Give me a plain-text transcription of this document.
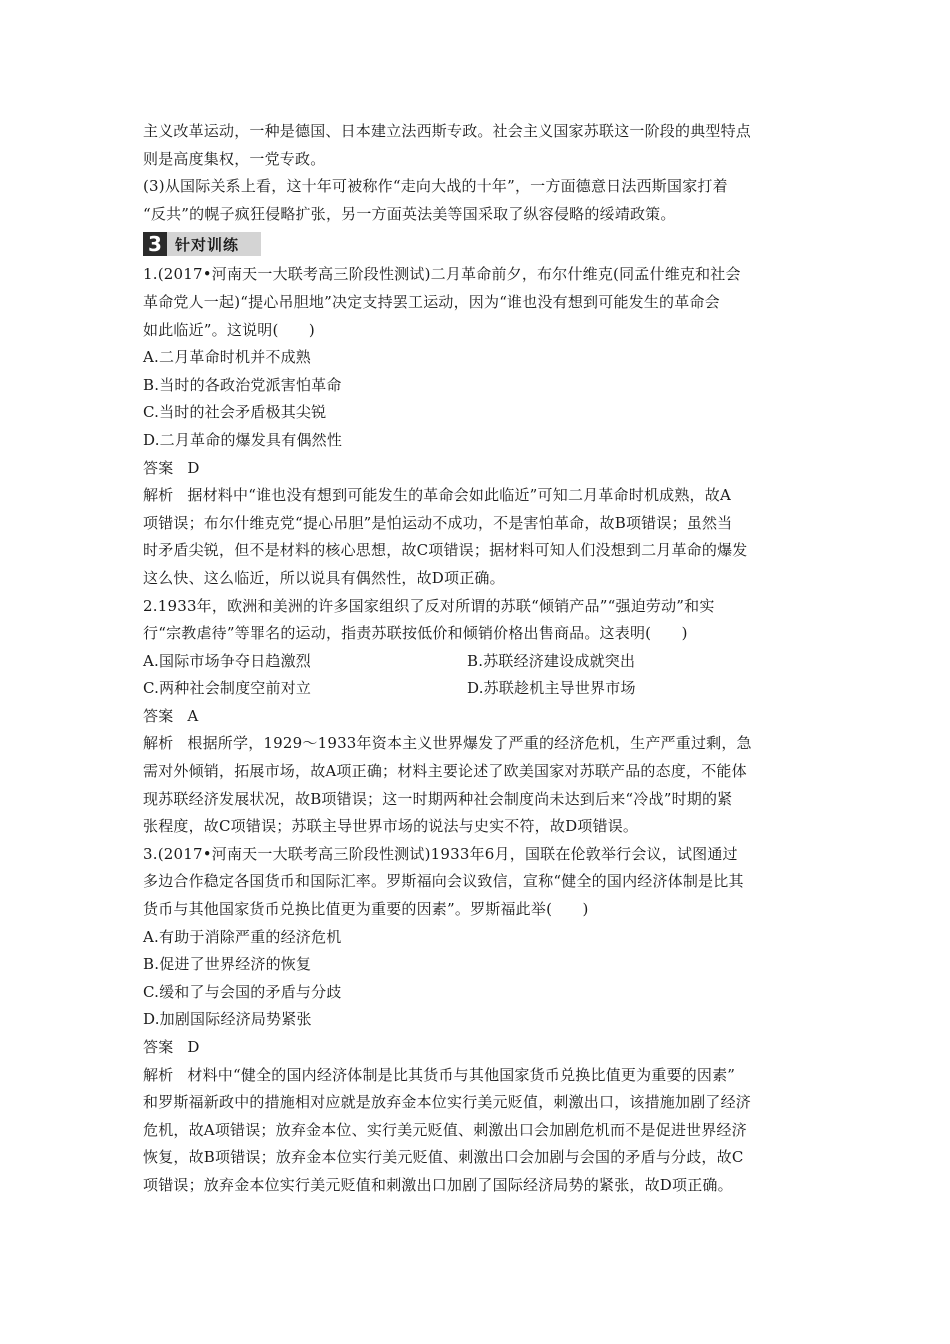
主义改革运动，一种是德国、日本建立法西斯专政。社会主义国家苏联这一阶段的典型特点
则是高度集权，一党专政。
(3)从国际关系上看，这十年可被称作“走向大战的十年”，一方面德意日法西斯国家打着
“反共”的幌子疯狂侵略扩张，另一方面英法美等国采取了纵容侵略的绥靖政策。
3 针对训练
1.(2017•河南天一大联考高三阶段性测试)二月革命前夕，布尔什维克(同孟什维克和社会
革命党人一起)“提心吊胆地”决定支持罢工运动，因为“谁也没有想到可能发生的革命会
如此临近”。这说明(　　)
A.二月革命时机并不成熟
B.当时的各政治党派害怕革命
C.当时的社会矛盾极其尖锐
D.二月革命的爆发具有偶然性
答案 D
解析 据材料中“谁也没有想到可能发生的革命会如此临近”可知二月革命时机成熟，故A
项错误；布尔什维克党“提心吊胆”是怕运动不成功，不是害怕革命，故B项错误；虽然当
时矛盾尖锐，但不是材料的核心思想，故C项错误；据材料可知人们没想到二月革命的爆发
这么快、这么临近，所以说具有偶然性，故D项正确。
2.1933年，欧洲和美洲的许多国家组织了反对所谓的苏联“倾销产品”“强迫劳动”和实
行“宗教虐待”等罪名的运动，指责苏联按低价和倾销价格出售商品。这表明(　　)
A.国际市场争夺日趋激烈	B.苏联经济建设成就突出
C.两种社会制度空前对立	D.苏联趁机主导世界市场
答案 A
解析 根据所学，1929～1933年资本主义世界爆发了严重的经济危机，生产严重过剩，急
需对外倾销，拓展市场，故A项正确；材料主要论述了欧美国家对苏联产品的态度，不能体
现苏联经济发展状况，故B项错误；这一时期两种社会制度尚未达到后来“冷战”时期的紧
张程度，故C项错误；苏联主导世界市场的说法与史实不符，故D项错误。
3.(2017•河南天一大联考高三阶段性测试)1933年6月，国联在伦敦举行会议，试图通过
多边合作稳定各国货币和国际汇率。罗斯福向会议致信，宣称“健全的国内经济体制是比其
货币与其他国家货币兑换比值更为重要的因素”。罗斯福此举(　　)
A.有助于消除严重的经济危机
B.促进了世界经济的恢复
C.缓和了与会国的矛盾与分歧
D.加剧国际经济局势紧张
答案 D
解析 材料中“健全的国内经济体制是比其货币与其他国家货币兑换比值更为重要的因素”
和罗斯福新政中的措施相对应就是放弃金本位实行美元贬值，刺激出口，该措施加剧了经济
危机，故A项错误；放弃金本位、实行美元贬值、刺激出口会加剧危机而不是促进世界经济
恢复，故B项错误；放弃金本位实行美元贬值、刺激出口会加剧与会国的矛盾与分歧，故C
项错误；放弃金本位实行美元贬值和刺激出口加剧了国际经济局势的紧张，故D项正确。
